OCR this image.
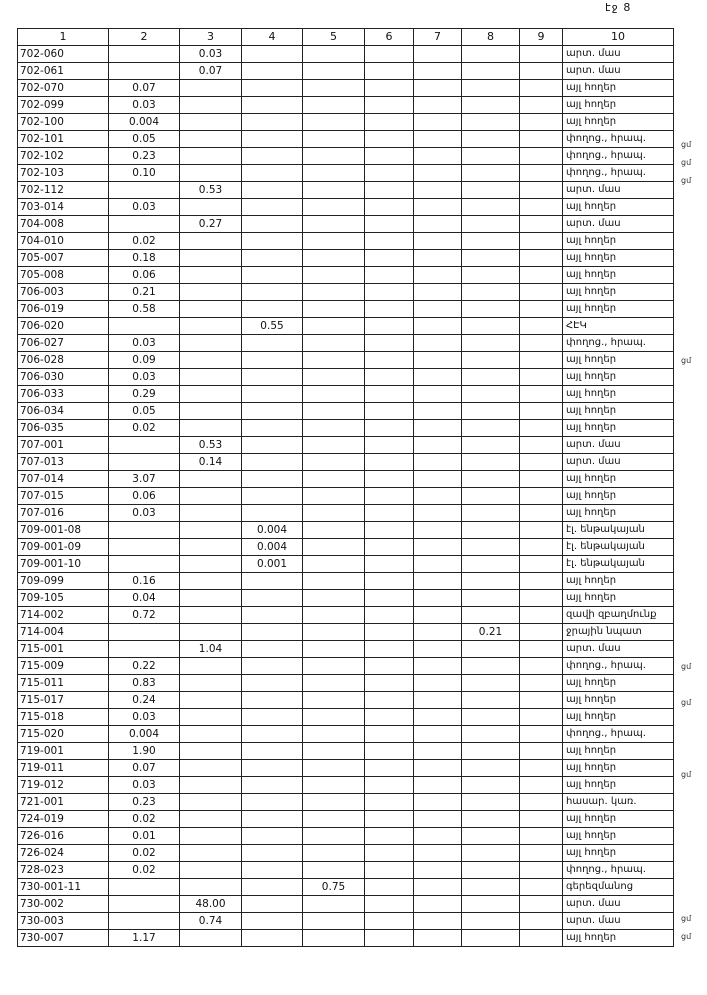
էջ 8
1	2	3	4	5	6	7	8	9	10
702-060		0.03							արտ. մաս
702-061		0.07							արտ. մաս
702-070	0.07								այլ հողեր
702-099	0.03								այլ հողեր
702-100	0.004								այլ հողեր
702-101	0.05								փողոց., հրապ.
702-102	0.23								փողոց., հրապ.
702-103	0.10								փողոց., հրապ.
702-112		0.53							արտ. մաս
703-014	0.03								այլ հողեր
704-008		0.27							արտ. մաս
704-010	0.02								այլ հողեր
705-007	0.18								այլ հողեր
705-008	0.06								այլ հողեր
706-003	0.21								այլ հողեր
706-019	0.58								այլ հողեր
706-020			0.55						ՀԷԿ
706-027	0.03								փողոց., հրապ.
706-028	0.09								այլ հողեր
706-030	0.03								այլ հողեր
706-033	0.29								այլ հողեր
706-034	0.05								այլ հողեր
706-035	0.02								այլ հողեր
707-001		0.53							արտ. մաս
707-013		0.14							արտ. մաս
707-014	3.07								այլ հողեր
707-015	0.06								այլ հողեր
707-016	0.03								այլ հողեր
709-001-08			0.004						էլ. ենթակայան
709-001-09			0.004						էլ. ենթակայան
709-001-10			0.001						էլ. ենթակայան
709-099	0.16								այլ հողեր
709-105	0.04								այլ հողեր
714-002	0.72								զավի զբաղմունք
714-004							0.21		ջրային նպատ
715-001		1.04							արտ. մաս
715-009	0.22								փողոց., հրապ.
715-011	0.83								այլ հողեր
715-017	0.24								այլ հողեր
715-018	0.03								այլ հողեր
715-020	0.004								փողոց., հրապ.
719-001	1.90								այլ հողեր
719-011	0.07								այլ հողեր
719-012	0.03								այլ հողեր
721-001	0.23								հասար. կառ.
724-019	0.02								այլ հողեր
726-016	0.01								այլ հողեր
726-024	0.02								այլ հողեր
728-023	0.02								փողոց., հրապ.
730-001-11				0.75					գերեզմանոց
730-002		48.00							արտ. մաս
730-003		0.74							արտ. մաս
730-007	1.17								այլ հողեր
ցմ
ցմ
ցմ
ցմ
ցմ
ցմ
ցմ
ցմ
ցմ
